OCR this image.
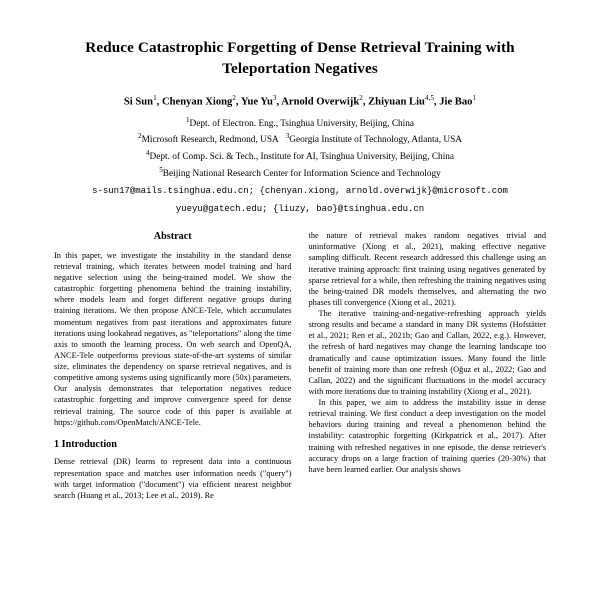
Reduce Catastrophic Forgetting of Dense Retrieval Training with Teleportation Negatives
Si Sun$^1$, Chenyan Xiong$^2$, Yue Yu$^3$, Arnold Overwijk$^2$, Zhiyuan Liu$^{4,5}$, Jie Bao$^1$
$^1$Dept. of Electron. Eng., Tsinghua University, Beijing, China
$^2$Microsoft Research, Redmond, USA   $^3$Georgia Institute of Technology, Atlanta, USA
$^4$Dept. of Comp. Sci. & Tech., Institute for AI, Tsinghua University, Beijing, China
$^5$Beijing National Research Center for Information Science and Technology
s-sun17@mails.tsinghua.edu.cn; {chenyan.xiong, arnold.overwijk}@microsoft.com
yueyu@gatech.edu; {liuzy, bao}@tsinghua.edu.cn
Abstract

In this paper, we investigate the instability in the standard dense retrieval training, which iterates between model training and hard negative selection using the being-trained model. We show the catastrophic forgetting phenomena behind the training instability, where models learn and forget different negative groups during training iterations. We then propose ANCE-Tele, which accumulates momentum negatives from past iterations and approximates future iterations using lookahead negatives, as "teleportations" along the time axis to smooth the learning process. On web search and OpenQA, ANCE-Tele outperforms previous state-of-the-art systems of similar size, eliminates the dependency on sparse retrieval negatives, and is competitive among systems using significantly more (50x) parameters. Our analysis demonstrates that teleportation negatives reduce catastrophic forgetting and improve convergence speed for dense retrieval training. The source code of this paper is available at https://github.com/OpenMatch/ANCE-Tele.

1 Introduction

Dense retrieval (DR) learns to represent data into a continuous representation space and matches user information needs ("query") with target information ("document") via efficient nearest neighbor search (Huang et al., 2013; Lee et al., 2019). Re

the nature of retrieval makes random negatives trivial and uninformative (Xiong et al., 2021), making effective negative sampling difficult. Recent research addressed this challenge using an iterative training approach: first training using negatives generated by sparse retrieval for a while, then refreshing the training negatives using the being-trained DR models themselves, and alternating the two phases till convergence (Xiong et al., 2021).

The iterative training-and-negative-refreshing approach yields strong results and became a standard in many DR systems (Hofstätter et al., 2021; Ren et al., 2021b; Gao and Callan, 2022, e.g.). However, the refresh of hard negatives may change the learning landscape too dramatically and cause optimization issues. Many found the little benefit of training more than one refresh (Oğuz et al., 2022; Gao and Callan, 2022) and the significant fluctuations in the model accuracy with more iterations due to training instability (Xiong et al., 2021).

In this paper, we aim to address the instability issue in dense retrieval training. We first conduct a deep investigation on the model behaviors during training and reveal a phenomenon behind the instability: catastrophic forgetting (Kirkpatrick et al., 2017). After training with refreshed negatives in one episode, the dense retriever's accuracy drops on a large fraction of training queries (20-30%) that have been learned earlier. Our analysis shows
